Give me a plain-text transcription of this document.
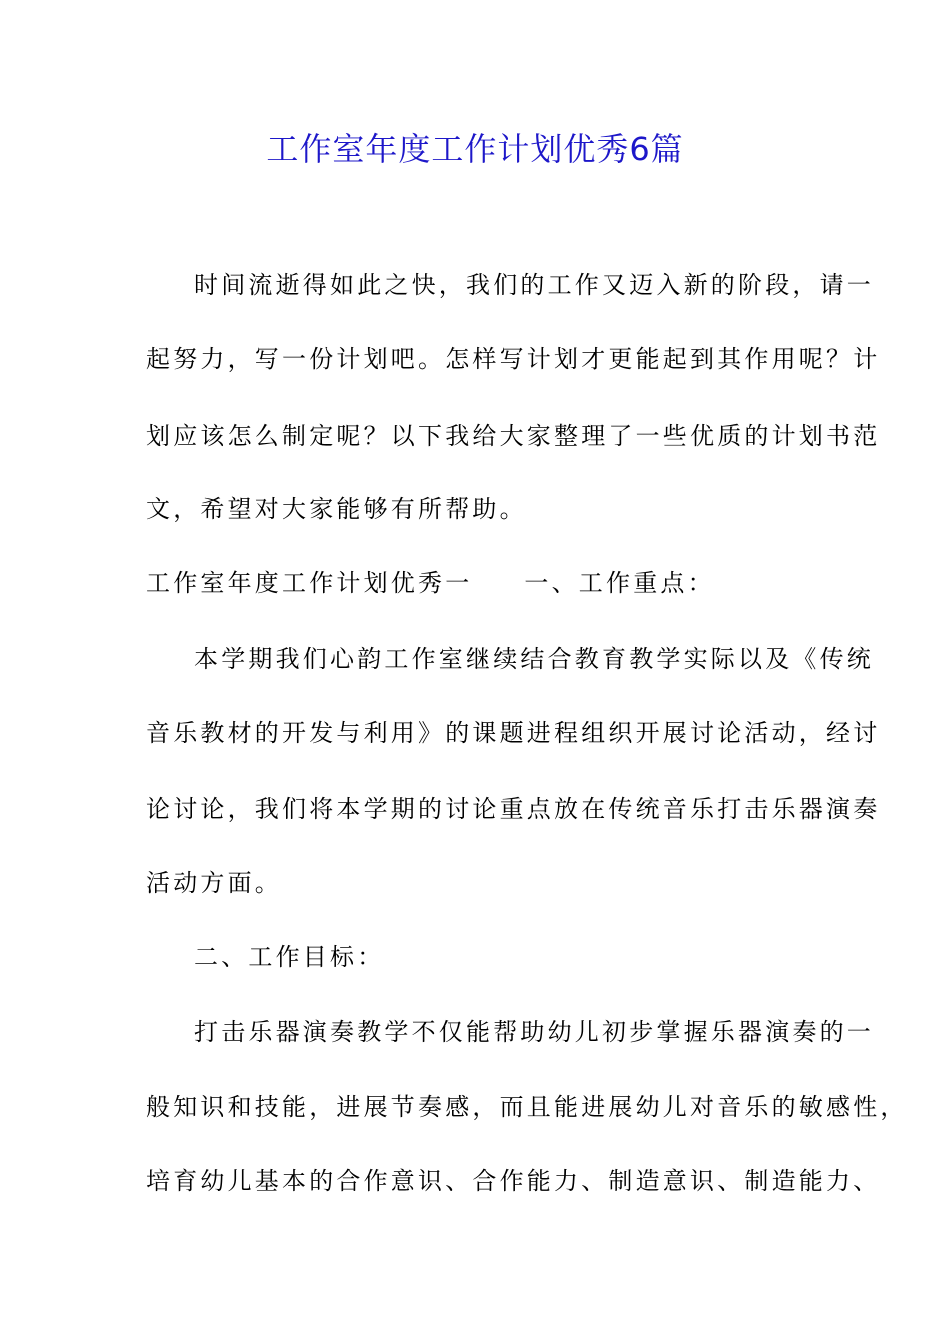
工作室年度工作计划优秀6篇
时间流逝得如此之快，我们的工作又迈入新的阶段，请一
起努力，写一份计划吧。怎样写计划才更能起到其作用呢？计
划应该怎么制定呢？以下我给大家整理了一些优质的计划书范
文，希望对大家能够有所帮助。
工作室年度工作计划优秀一 一、工作重点：
本学期我们心韵工作室继续结合教育教学实际以及《传统
音乐教材的开发与利用》的课题进程组织开展讨论活动，经讨
论讨论，我们将本学期的讨论重点放在传统音乐打击乐器演奏
活动方面。
二、工作目标：
打击乐器演奏教学不仅能帮助幼儿初步掌握乐器演奏的一
般知识和技能，进展节奏感，而且能进展幼儿对音乐的敏感性，
培育幼儿基本的合作意识、合作能力、制造意识、制造能力、
